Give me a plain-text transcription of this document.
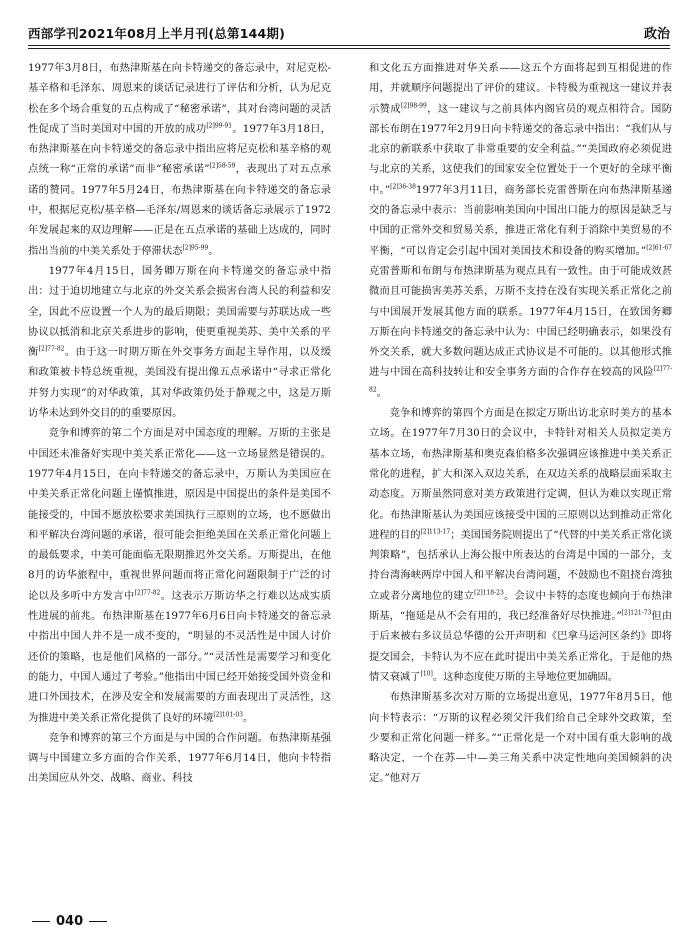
西部学刊2021年08月上半月刊(总第144期)	政治

1977年3月8日，布热津斯基在向卡特递交的备忘录中，对尼克松-基辛格和毛泽东、周恩来的谈话记录进行了评估和分析，认为尼克松在多个场合重复的五点构成了“秘密承诺”，其对台湾问题的灵活性促成了当时美国对中国的开放的成功$^{[2]99-91}$。1977年3月18日，布热津斯基在向卡特递交的备忘录中指出应将尼克松和基辛格的观点统一称“正常的承诺”而非“秘密承诺”$^{[2]58-59}$，表现出了对五点承诺的赞同。1977年5月24日，布热津斯基在向卡特递交的备忘录中，根据尼克松/基辛格—毛泽东/周恩来的谈话备忘录展示了1972年发展起来的双边理解——正是在五点承诺的基础上达成的，同时指出当前的中美关系处于停滞状态$^{[2]95-99}$。

1977年4月15日，国务卿万斯在向卡特递交的备忘录中指出：过于迫切地建立与北京的外交关系会损害台湾人民的利益和安全，因此不应设置一个人为的最后期限；美国需要与苏联达成一些协议以抵消和北京关系进步的影响，使更重视美苏、美中关系的平衡$^{[2]77-82}$。由于这一时期万斯在外交事务方面起主导作用，以及缓和政策被卡特总统重视，美国没有提出像五点承诺中“寻求正常化并努力实现”的对华政策，其对华政策仍处于静观之中，这是万斯访华未达到外交目的的重要原因。

竞争和博弈的第二个方面是对中国态度的理解。万斯的主张是中国还未准备好实现中美关系正常化——这一立场显然是错误的。1977年4月15日，在向卡特递交的备忘录中，万斯认为美国应在中美关系正常化问题上谨慎推进，原因是中国提出的条件是美国不能接受的，中国不愿放松要求美国执行三原则的立场，也不愿做出和平解决台湾问题的承诺，很可能会拒绝美国在关系正常化问题上的最低要求，中美可能面临无限期推迟外交关系。万斯提出，在他8月的访华旅程中，重视世界问题而将正常化问题限制于广泛的讨论以及多听中方发言中$^{[2]77-82}$。这表示万斯访华之行难以达成实质性进展的前兆。布热津斯基在1977年6月6日向卡特递交的备忘录中指出中国人并不是一成不变的，“明显的不灵活性是中国人讨价还价的策略，也是他们风格的一部分。”“灵活性是需要学习和变化的能力，中国人通过了考验。”他指出中国已经开始接受国外资金和进口外国技术，在涉及安全和发展需要的方面表现出了灵活性，这为推进中美关系正常化提供了良好的环境$^{[2]101-03}$。

竞争和博弈的第三个方面是与中国的合作问题。布热津斯基强调与中国建立多方面的合作关系，1977年6月14日，他向卡特指出美国应从外交、战略、商业、科技

和文化五方面推进对华关系——这五个方面将起到互相促进的作用，并就顺序问题提出了评价的建议。卡特极为重视这一建议并表示赞成$^{[2]98-99}$，这一建议与之前具体内阁官员的观点相符合。国防部长布朗在1977年2月9日向卡特递交的备忘录中指出：“我们从与北京的新联系中获取了非常重要的安全利益。”“美国政府必须促进与北京的关系，这使我们的国家安全位置处于一个更好的全球平衡中。”$^{[2]36-38}$1977年3月11日，商务部长克雷普斯在向布热津斯基递交的备忘录中表示：当前影响美国向中国出口能力的原因是缺乏与中国的正常外交和贸易关系，推进正常化有利于消除中美贸易的不平衡，“可以肯定会引起中国对美国技术和设备的购买增加。”$^{[2]61-67}$克雷普斯和布朗与布热津斯基为观点具有一致性。由于可能成效甚微而且可能损害美苏关系，万斯不支持在没有实现关系正常化之前与中国展开发展其他方面的联系。1977年4月15日，在致国务卿万斯在向卡特递交的备忘录中认为：中国已经明确表示，如果没有外交关系，就大多数问题达成正式协议是不可能的。以其他形式推进与中国在高科技转让和安全事务方面的合作存在较高的风险$^{[2]77-82}$。

竞争和博弈的第四个方面是在拟定万斯出访北京时美方的基本立场。在1977年7月30日的会议中，卡特针对相关人员拟定美方基本立场，布热津斯基和奥克森伯格多次强调应该推进中美关系正常化的进程，扩大和深入双边关系，在双边关系的战略层面采取主动态度。万斯虽然同意对美方政策进行定调，但认为难以实现正常化。布热津斯基认为美国应该接受中国的三原则以达到推动正常化进程的目的$^{[2]113-17}$；美国国务院则提出了“代替的中美关系正常化谈判策略”，包括承认上海公报中所表达的台湾是中国的一部分，支持台湾海峡两岸中国人和平解决台湾问题，不鼓励也不阻挠台湾独立或者分离地位的建立$^{[2]118-23}$。会议中卡特的态度也倾向于布热津斯基，“拖延是从不会有用的，我已经准备好尽快推进。”$^{[2]121-73}$但由于后来被右多议员总华德的公开声明和《巴拿马运河区条约》即将提交国会，卡特认为不应在此时提出中美关系正常化，于是他的热情又衰减了[10]。这种态度使万斯的主导地位更加确固。

布热津斯基多次对万斯的立场提出意见，1977年8月5日，他向卡特表示：“万斯的议程必须父汗我们给自己全球外交政策，至少要和正常化问题一样多。”“正常化是一个对中国有重大影响的战略决定，一个在苏—中—美三角关系中决定性地向美国倾斜的决定。”他对万

040
